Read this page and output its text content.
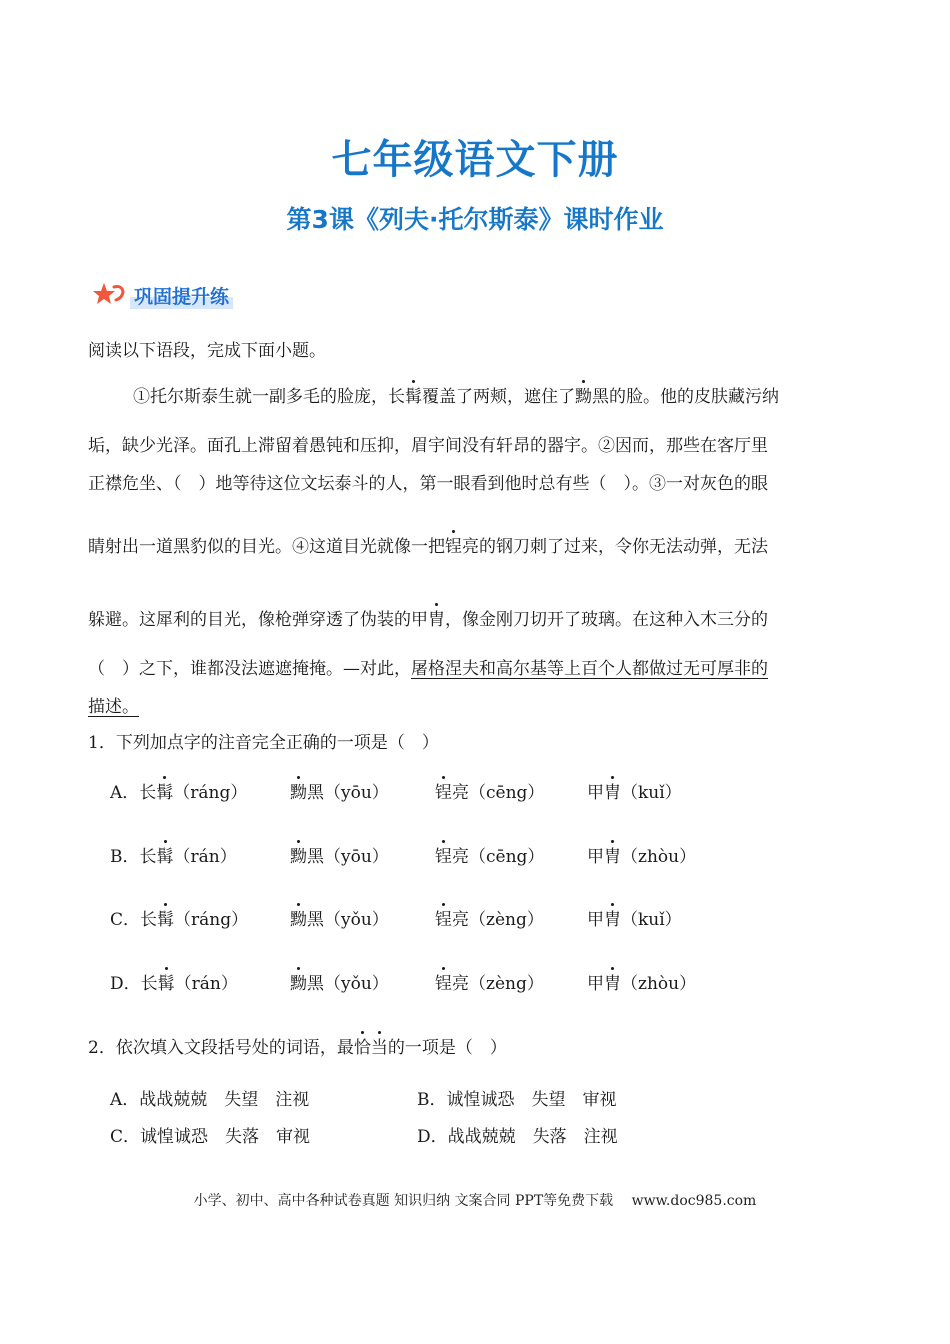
七年级语文下册
第3课《列夫·托尔斯泰》课时作业
巩固提升练
阅读以下语段，完成下面小题。
①托尔斯泰生就一副多毛的脸庞，长髯覆盖了两颊，遮住了黝黑的脸。他的皮肤藏污纳
垢，缺少光泽。面孔上滞留着愚钝和压抑，眉宇间没有轩昂的器宇。②因而，那些在客厅里
正襟危坐、（　）地等待这位文坛泰斗的人，第一眼看到他时总有些（　）。③一对灰色的眼
睛射出一道黑豹似的目光。④这道目光就像一把锃亮的钢刀刺了过来，令你无法动弹，无法
躲避。这犀利的目光，像枪弹穿透了伪装的甲胄，像金刚刀切开了玻璃。在这种入木三分的
（　）之下，谁都没法遮遮掩掩。—对此，屠格涅夫和高尔基等上百个人都做过无可厚非的
描述。
1．下列加点字的注音完全正确的一项是（　）
A．长髯（ráng）	黝黑（yōu）	锃亮（cēng）	甲胄（kuǐ）
B．长髯（rán）	黝黑（yōu）	锃亮（cēng）	甲胄（zhòu）
C．长髯（ráng） 黝黑（yǒu）	锃亮（zèng）	甲胄（kuǐ）
D．长髯（rán）	黝黑（yǒu）	锃亮（zèng）	甲胄（zhòu）
2．依次填入文段括号处的词语，最恰当的一项是（　）
A．战战兢兢　失望　注视	B．诚惶诚恐　失望　审视
C．诚惶诚恐　失落　审视	D．战战兢兢　失落　注视
小学、初中、高中各种试卷真题 知识归纳 文案合同 PPT等免费下载　 www.doc985.com
